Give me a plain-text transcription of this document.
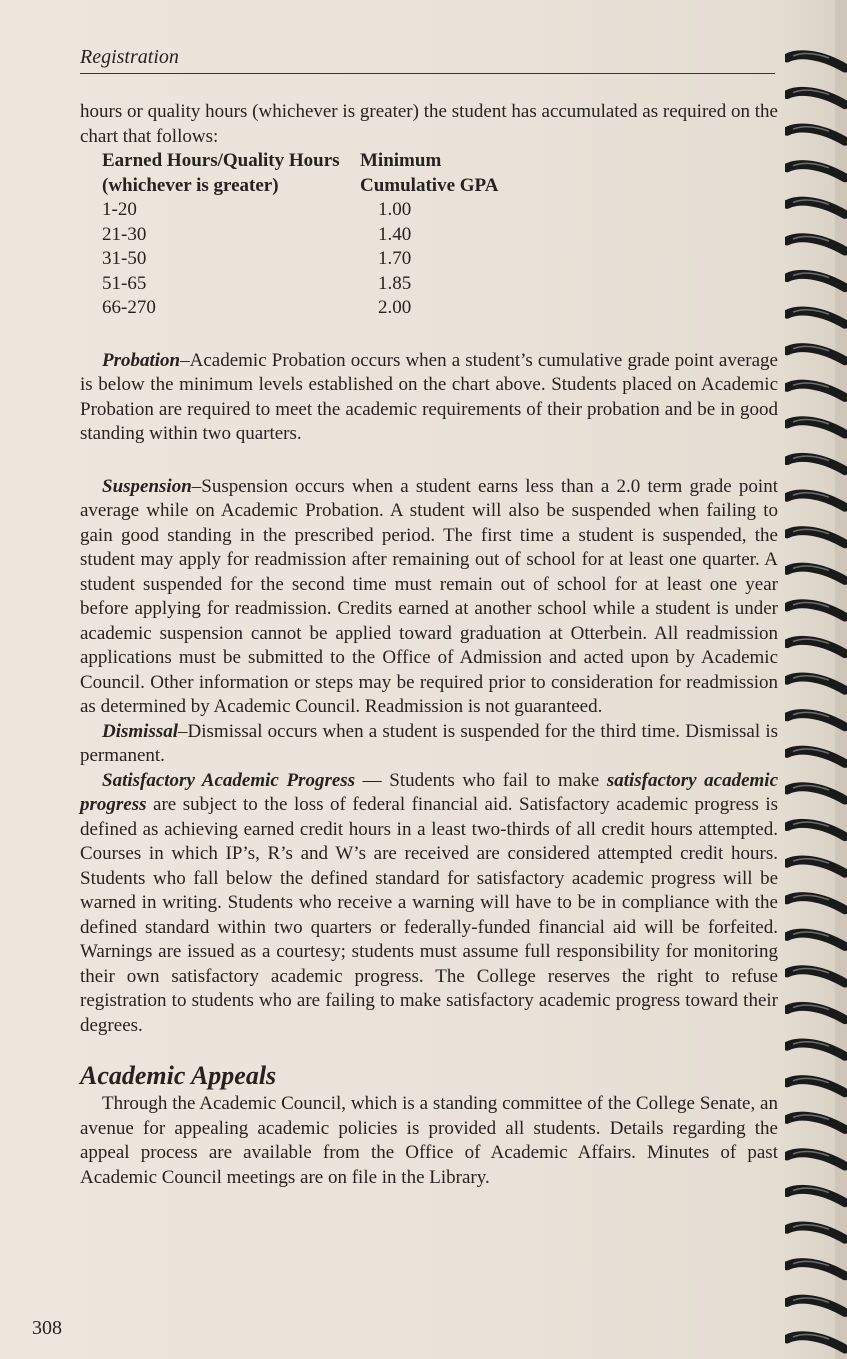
Registration

hours or quality hours (whichever is greater) the student has accumulated as required on the chart that follows:

Earned Hours/Quality Hours	Minimum
(whichever is greater)	Cumulative GPA
1-20	1.00
21-30	1.40
31-50	1.70
51-65	1.85
66-270	2.00

Probation–Academic Probation occurs when a student’s cumulative grade point average is below the minimum levels established on the chart above. Students placed on Academic Probation are required to meet the academic requirements of their probation and be in good standing within two quarters.

Suspension–Suspension occurs when a student earns less than a 2.0 term grade point average while on Academic Probation. A student will also be suspended when failing to gain good standing in the prescribed period. The first time a student is suspended, the student may apply for readmission after remaining out of school for at least one quarter. A student suspended for the second time must remain out of school for at least one year before applying for readmission. Credits earned at another school while a student is under academic suspension cannot be applied toward graduation at Otterbein. All readmission applications must be submitted to the Office of Admission and acted upon by Academic Council. Other information or steps may be required prior to consideration for readmission as determined by Academic Council. Readmission is not guaranteed.

Dismissal–Dismissal occurs when a student is suspended for the third time. Dismissal is permanent.

Satisfactory Academic Progress — Students who fail to make satisfactory academic progress are subject to the loss of federal financial aid. Satisfactory academic progress is defined as achieving earned credit hours in a least two-thirds of all credit hours attempted. Courses in which IP’s, R’s and W’s are received are considered attempted credit hours. Students who fall below the defined standard for satisfactory academic progress will be warned in writing. Students who receive a warning will have to be in compliance with the defined standard within two quarters or federally-funded financial aid will be forfeited. Warnings are issued as a courtesy; students must assume full responsibility for monitoring their own satisfactory academic progress. The College reserves the right to refuse registration to students who are failing to make satisfactory academic progress toward their degrees.

Academic Appeals

Through the Academic Council, which is a standing committee of the College Senate, an avenue for appealing academic policies is provided all students. Details regarding the appeal process are available from the Office of Academic Affairs. Minutes of past Academic Council meetings are on file in the Library.

308
